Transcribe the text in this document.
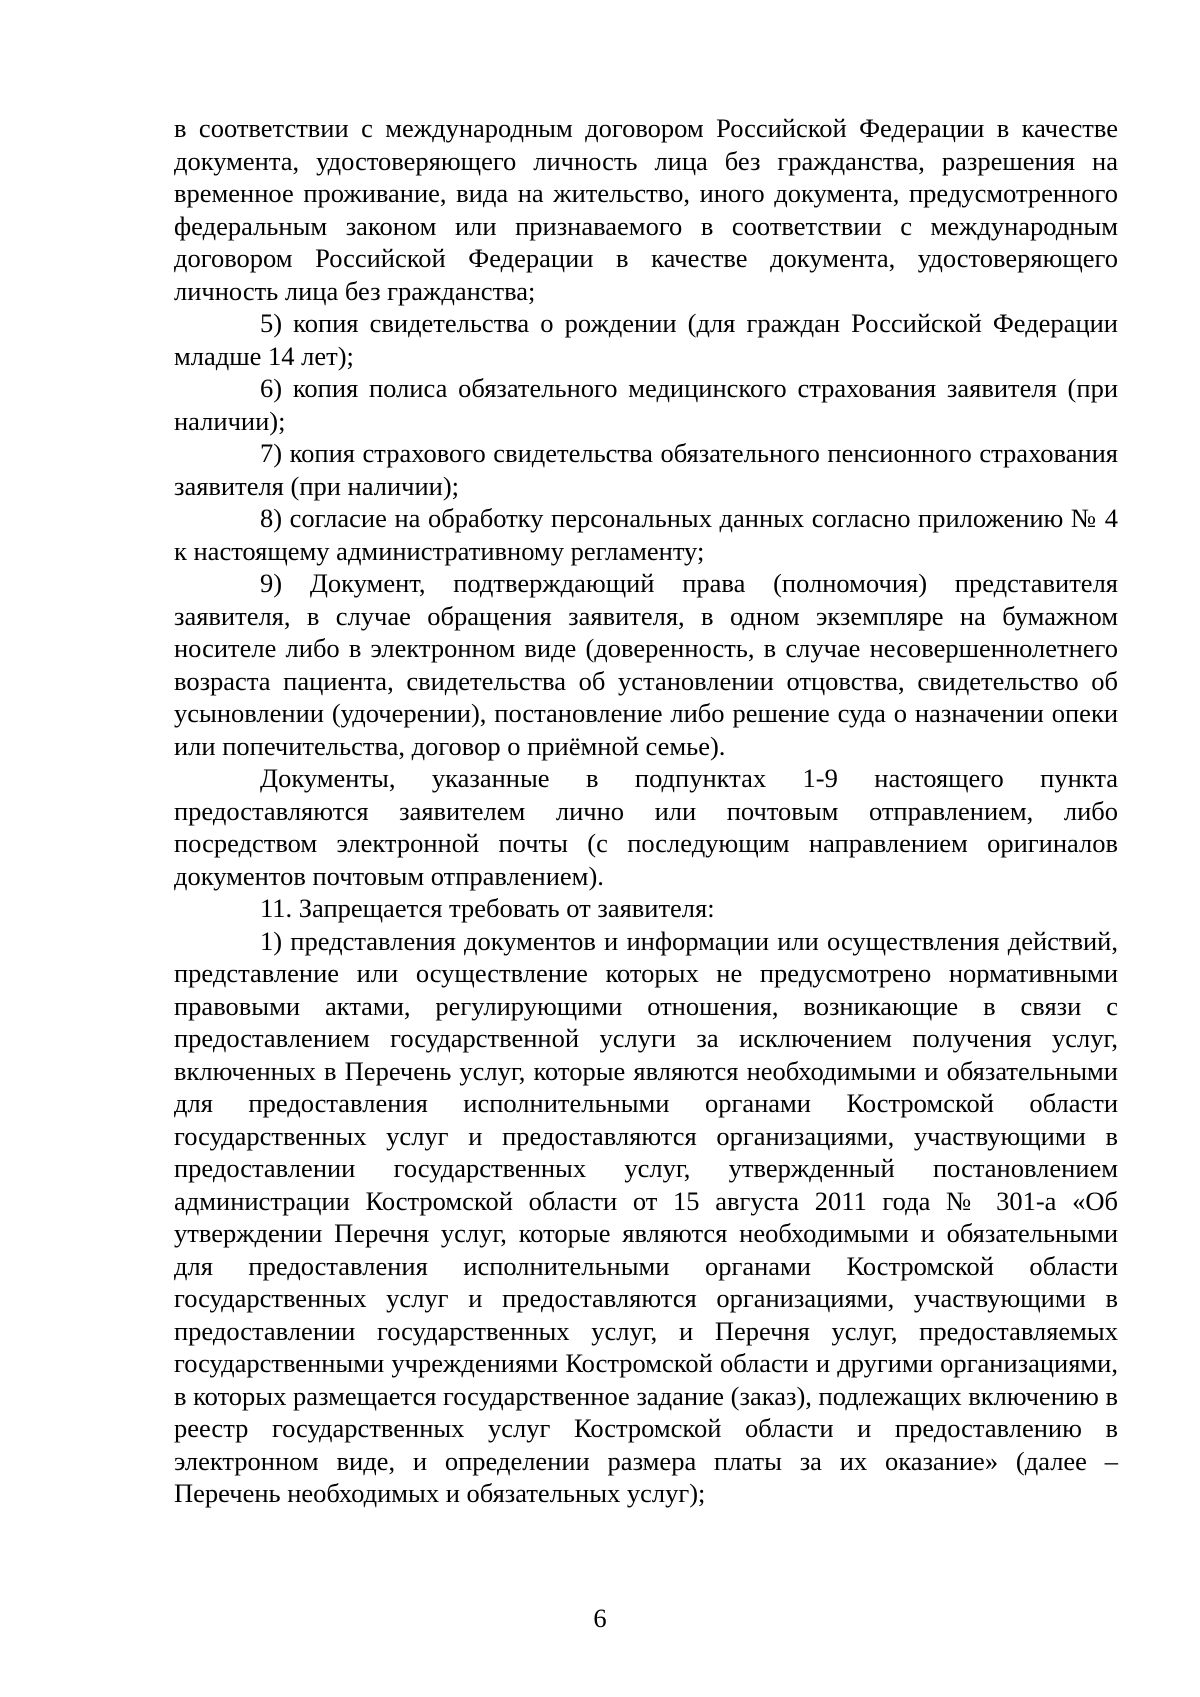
в соответствии с международным договором Российской Федерации в качестве документа, удостоверяющего личность лица без гражданства, разрешения на временное проживание, вида на жительство, иного документа, предусмотренного федеральным законом или признаваемого в соответствии с международным договором Российской Федерации в качестве документа, удостоверяющего личность лица без гражданства;

5) копия свидетельства о рождении (для граждан Российской Федерации младше 14 лет);

6) копия полиса обязательного медицинского страхования заявителя (при наличии);

7) копия страхового свидетельства обязательного пенсионного страхования заявителя (при наличии);

8) согласие на обработку персональных данных согласно приложению № 4 к настоящему административному регламенту;

9) Документ, подтверждающий права (полномочия) представителя заявителя, в случае обращения заявителя, в одном экземпляре на бумажном носителе либо в электронном виде (доверенность, в случае несовершеннолетнего возраста пациента, свидетельства об установлении отцовства, свидетельство об усыновлении (удочерении), постановление либо решение суда о назначении опеки или попечительства, договор о приёмной семье).

Документы, указанные в подпунктах 1-9 настоящего пункта предоставляются заявителем лично или почтовым отправлением, либо посредством электронной почты (с последующим направлением оригиналов документов почтовым отправлением).

11. Запрещается требовать от заявителя:

1) представления документов и информации или осуществления действий, представление или осуществление которых не предусмотрено нормативными правовыми актами, регулирующими отношения, возникающие в связи с предоставлением государственной услуги за исключением получения услуг, включенных в Перечень услуг, которые являются необходимыми и обязательными для предоставления исполнительными органами Костромской области государственных услуг и предоставляются организациями, участвующими в предоставлении государственных услуг, утвержденный постановлением администрации Костромской области от 15 августа 2011 года № 301-а «Об утверждении Перечня услуг, которые являются необходимыми и обязательными для предоставления исполнительными органами Костромской области государственных услуг и предоставляются организациями, участвующими в предоставлении государственных услуг, и Перечня услуг, предоставляемых государственными учреждениями Костромской области и другими организациями, в которых размещается государственное задание (заказ), подлежащих включению в реестр государственных услуг Костромской области и предоставлению в электронном виде, и определении размера платы за их оказание» (далее – Перечень необходимых и обязательных услуг);

6
